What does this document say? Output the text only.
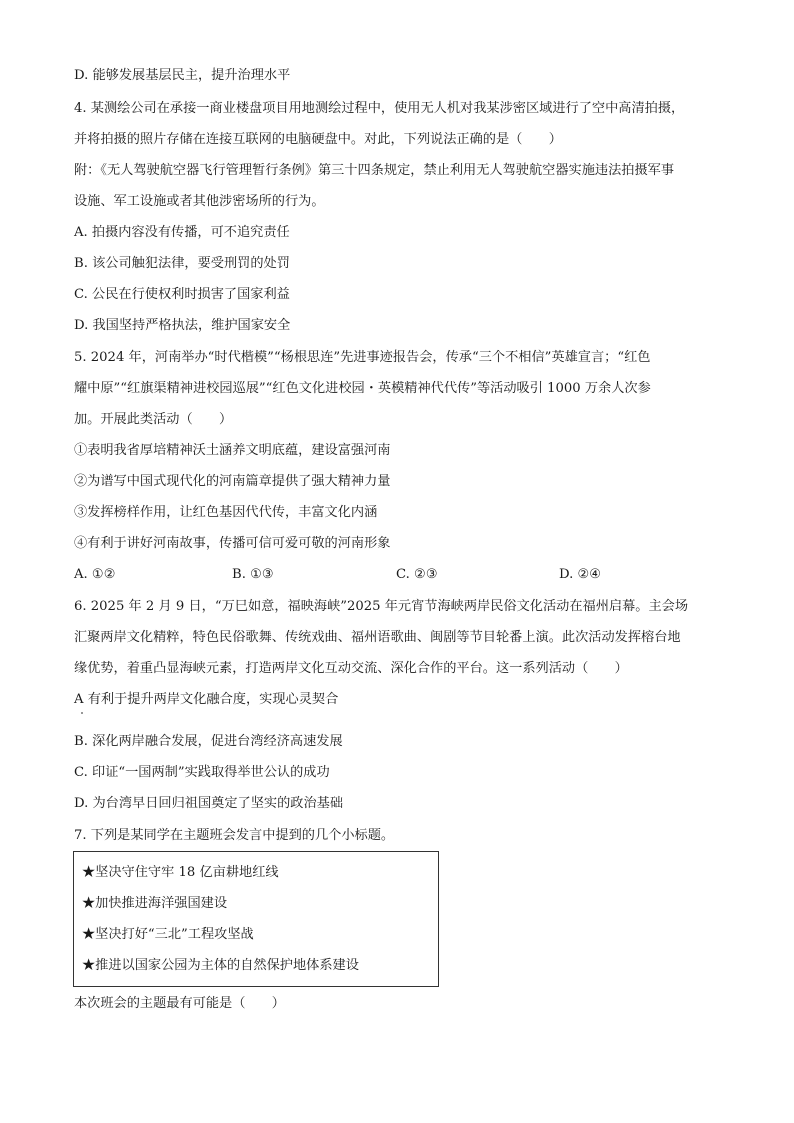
D. 能够发展基层民主，提升治理水平
4. 某测绘公司在承接一商业楼盘项目用地测绘过程中，使用无人机对我某涉密区域进行了空中高清拍摄，
并将拍摄的照片存储在连接互联网的电脑硬盘中。对此，下列说法正确的是（　　）
附：《无人驾驶航空器飞行管理暂行条例》第三十四条规定，禁止利用无人驾驶航空器实施违法拍摄军事
设施、军工设施或者其他涉密场所的行为。
A. 拍摄内容没有传播，可不追究责任
B. 该公司触犯法律，要受刑罚的处罚
C. 公民在行使权利时损害了国家利益
D. 我国坚持严格执法，维护国家安全
5. 2024 年，河南举办“时代楷模”“杨根思连”先进事迹报告会，传承“三个不相信”英雄宣言；“红色
耀中原”“红旗渠精神进校园巡展”“红色文化进校园・英模精神代代传”等活动吸引 1000 万余人次参
加。开展此类活动（　　）
①表明我省厚培精神沃土涵养文明底蕴，建设富强河南
②为谱写中国式现代化的河南篇章提供了强大精神力量
③发挥榜样作用，让红色基因代代传，丰富文化内涵
④有利于讲好河南故事，传播可信可爱可敬的河南形象
A. ①②	B. ①③	C. ②③	D. ②④
6. 2025 年 2 月 9 日，“万巳如意，福映海峡”2025 年元宵节海峡两岸民俗文化活动在福州启幕。主会场
汇聚两岸文化精粹，特色民俗歌舞、传统戏曲、福州语歌曲、闽剧等节目轮番上演。此次活动发挥榕台地
缘优势，着重凸显海峡元素，打造两岸文化互动交流、深化合作的平台。这一系列活动（　　）
A 有利于提升两岸文化融合度，实现心灵契合
B. 深化两岸融合发展，促进台湾经济高速发展
C. 印证“一国两制”实践取得举世公认的成功
D. 为台湾早日回归祖国奠定了坚实的政治基础
7. 下列是某同学在主题班会发言中提到的几个小标题。
★坚决守住守牢 18 亿亩耕地红线
★加快推进海洋强国建设
★坚决打好“三北”工程攻坚战
★推进以国家公园为主体的自然保护地体系建设
本次班会的主题最有可能是（　　）
